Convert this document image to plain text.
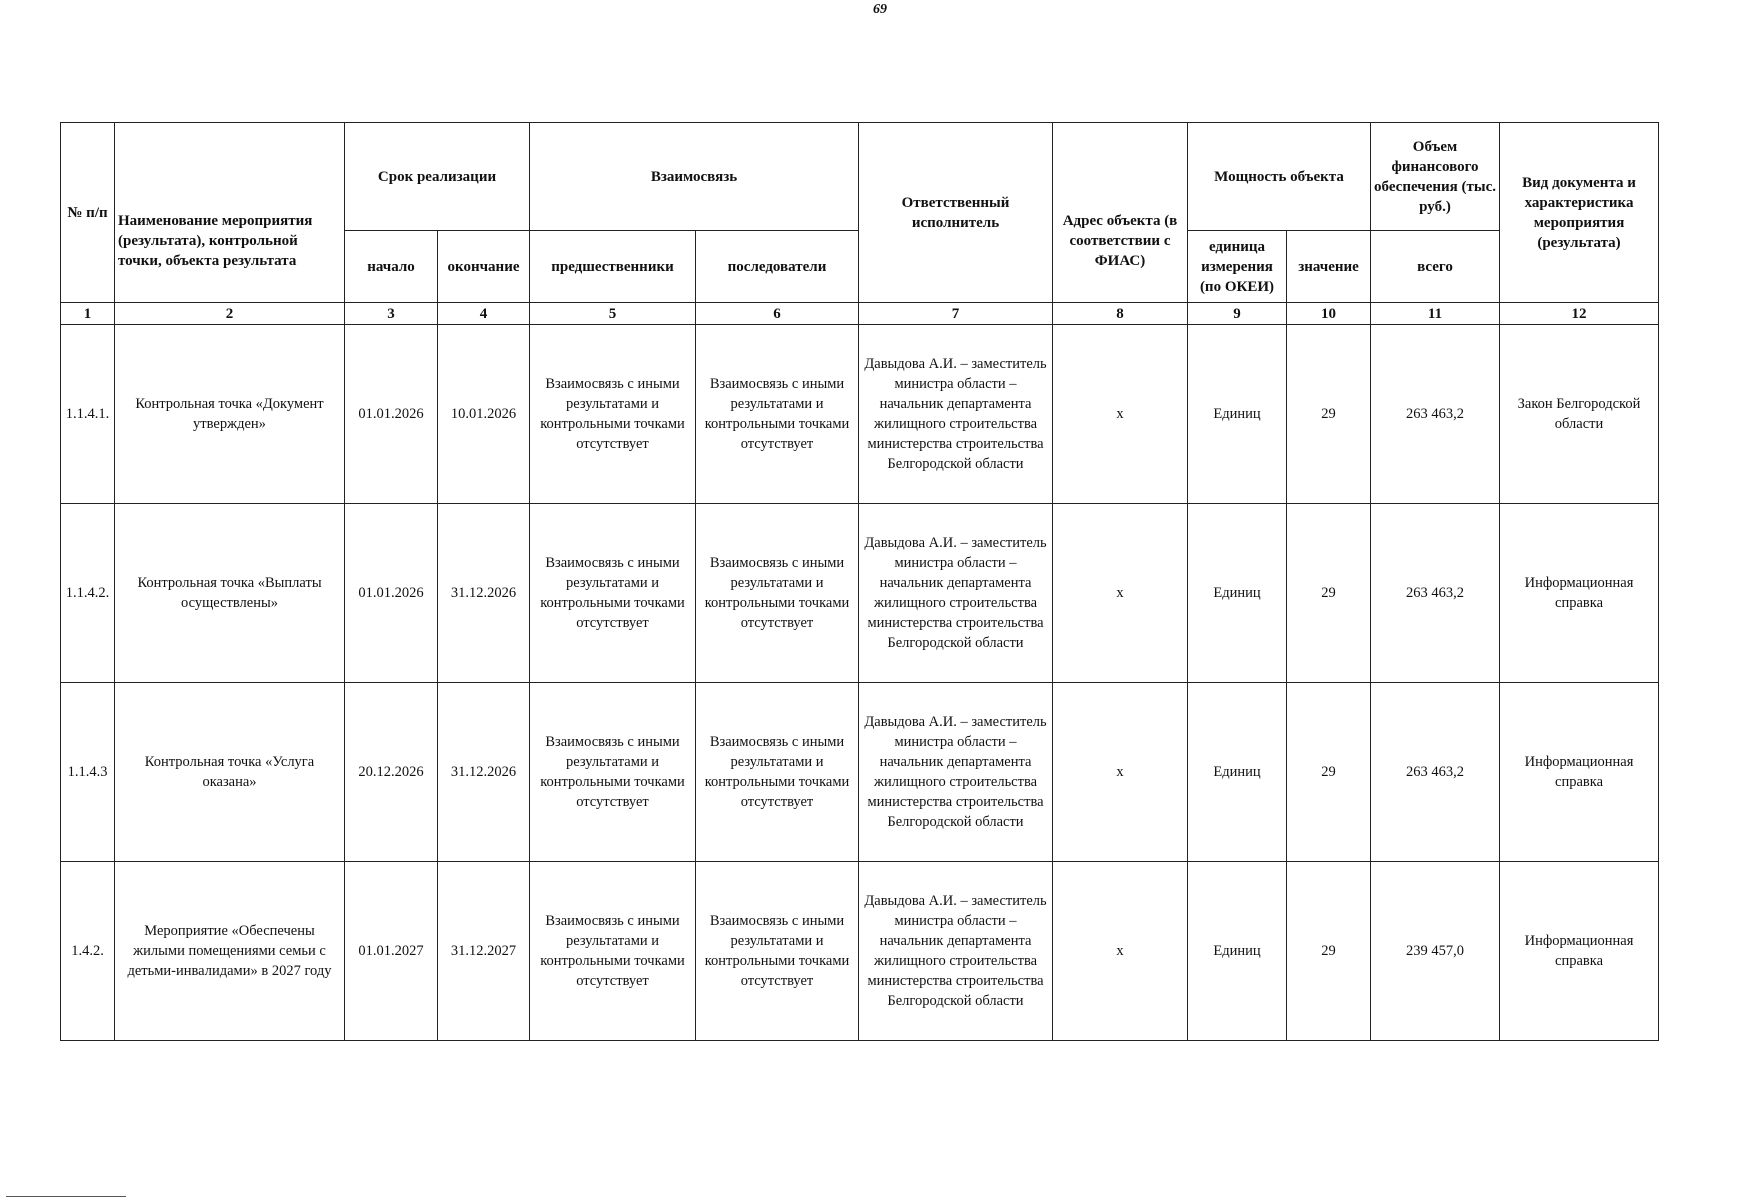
69
№ п/п	Наименование мероприятия (результата), контрольной точки, объекта результата	Срок реализации		Взаимосвязь		Ответственный исполнитель	Адрес объекта (в соответствии с ФИАС)	Мощность объекта		Объем финансового обеспечения (тыс. руб.)	Вид документа и характеристика мероприятия (результата)
		начало	окончание	предшественники	последователи			единица измерения (по ОКЕИ)	значение	всего	
1	2	3	4	5	6	7	8	9	10	11	12
1.1.4.1.	Контрольная точка «Документ утвержден»	01.01.2026	10.01.2026	Взаимосвязь с иными результатами и контрольными точками отсутствует	Взаимосвязь с иными результатами и контрольными точками отсутствует	Давыдова А.И. – заместитель министра области – начальник департамента жилищного строительства министерства строительства Белгородской области	х	Единиц	29	263 463,2	Закон Белгородской области
1.1.4.2.	Контрольная точка «Выплаты осуществлены»	01.01.2026	31.12.2026	Взаимосвязь с иными результатами и контрольными точками отсутствует	Взаимосвязь с иными результатами и контрольными точками отсутствует	Давыдова А.И. – заместитель министра области – начальник департамента жилищного строительства министерства строительства Белгородской области	х	Единиц	29	263 463,2	Информационная справка
1.1.4.3	Контрольная точка «Услуга оказана»	20.12.2026	31.12.2026	Взаимосвязь с иными результатами и контрольными точками отсутствует	Взаимосвязь с иными результатами и контрольными точками отсутствует	Давыдова А.И. – заместитель министра области – начальник департамента жилищного строительства министерства строительства Белгородской области	х	Единиц	29	263 463,2	Информационная справка
1.4.2.	Мероприятие «Обеспечены жилыми помещениями семьи с детьми-инвалидами» в 2027 году	01.01.2027	31.12.2027	Взаимосвязь с иными результатами и контрольными точками отсутствует	Взаимосвязь с иными результатами и контрольными точками отсутствует	Давыдова А.И. – заместитель министра области – начальник департамента жилищного строительства министерства строительства Белгородской области	х	Единиц	29	239 457,0	Информационная справка
